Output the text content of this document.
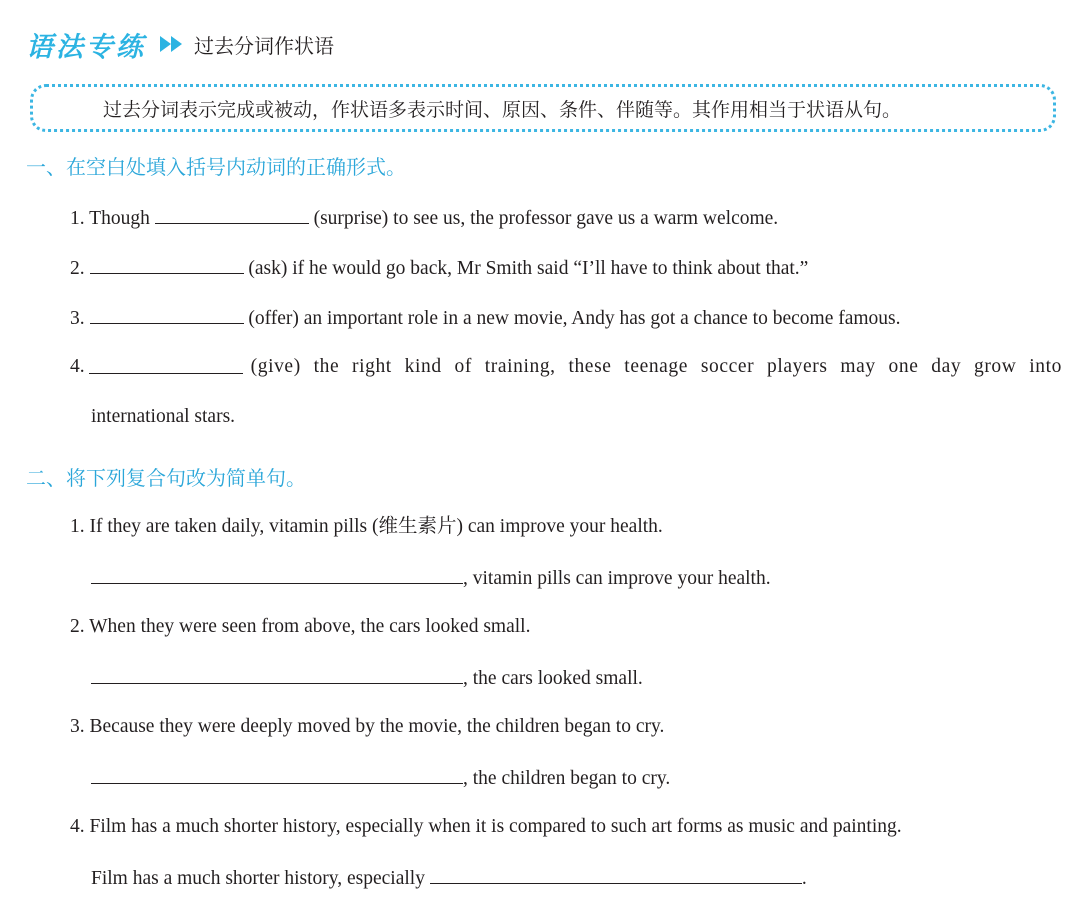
语法专练 过去分词作状语
过去分词表示完成或被动，作状语多表示时间、原因、条件、伴随等。其作用相当于状语从句。
一、在空白处填入括号内动词的正确形式。
1. Though	(surprise) to see us, the professor gave us a warm welcome.
2.	(ask) if he would go back, Mr Smith said “I’ll have to think about that.”
3.	(offer) an important role in a new movie, Andy has got a chance to become famous.
4.	(give) the right kind of training, these teenage soccer players may one day grow into
international stars.
二、将下列复合句改为简单句。
1. If they are taken daily, vitamin pills (维生素片) can improve your health.
, vitamin pills can improve your health.
2. When they were seen from above, the cars looked small.
, the cars looked small.
3. Because they were deeply moved by the movie, the children began to cry.
, the children began to cry.
4. Film has a much shorter history, especially when it is compared to such art forms as music and painting.
Film has a much shorter history, especially	.
